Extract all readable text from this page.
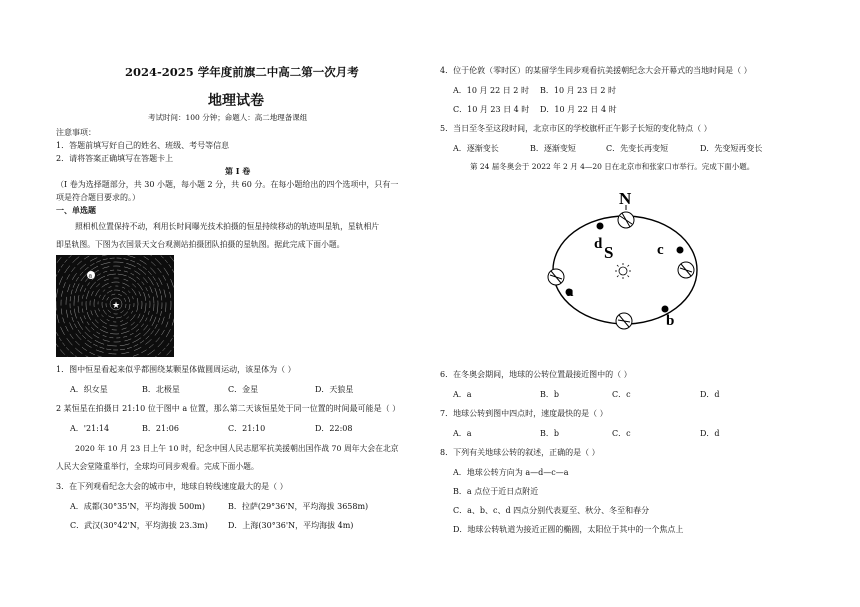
2024-2025 学年度前旗二中高二第一次月考
地理试卷
考试时间：100 分钟；命题人：高二地理备课组
注意事项：
1．答题前填写好自己的姓名、班级、考号等信息
2．请将答案正确填写在答题卡上
第 I 卷
（I 卷为选择题部分，共 30 小题，每小题 2 分，共 60 分。在每小题给出的四个选项中，只有一
项是符合题目要求的。）
一、单选题
照相机位置保持不动，利用长时间曝光技术拍摄的恒星持续移动的轨迹叫星轨，星轨相片
即星轨图。下图为衣国景天文台观测站拍摄团队拍摄的星轨图。据此完成下面小题。
★
a
1．图中恒星看起来似乎都围绕某颗星体做圆周运动，该星体为（ ）
A．织女星	B．北极星	C．金星	D．天狼星
2 某恒星在拍摄日 21:10 位于图中 a 位置，那么第二天该恒星处于同一位置的时间最可能是（ ）
A．'21:14	B．21:06	C．21:10	D．22:08
2020 年 10 月 23 日上午 10 时，纪念中国人民志愿军抗美援朝出国作战 70 周年大会在北京
人民大会堂隆重举行，全球均可同步观看。完成下面小题。
3．在下列观看纪念大会的城市中，地球自转线速度最大的是（ ）
A．成都(30°35'N，平均海拔 500m)	B．拉萨(29°36'N，平均海拔 3658m)
C．武汉(30°42'N，平均海拔 23.3m)	D．上海(30°36'N，平均海拔 4m)
4．位于伦敦（零时区）的某留学生同步观看抗美援朝纪念大会开幕式的当地时间是（ ）
A．10 月 22 日 2 时 B．10 月 23 日 2 时
C．10 月 23 日 4 时 D．10 月 22 日 4 时
5．当日至冬至这段时间，北京市区的学校旗杆正午影子长短的变化特点（ ）
A．逐渐变长	B．逐渐变短	C．先变长再变短	D．先变短再变长
第 24 届冬奥会于 2022 年 2 月 4—20 日在北京市和张家口市举行。完成下面小题。
N
S
d	c
a
b
6．在冬奥会期间，地球的公转位置最接近图中的（ ）
A．a	B．b	C．c	D．d
7．地球公转到图中四点时，速度最快的是（ ）
A．a	B．b	C．c	D．d
8．下列有关地球公转的叙述，正确的是（ ）
A．地球公转方向为 a—d—c—a
B．a 点位于近日点附近
C．a、b、c、d 四点分别代表夏至、秋分、冬至和春分
D．地球公转轨道为接近正圆的椭圆，太阳位于其中的一个焦点上
